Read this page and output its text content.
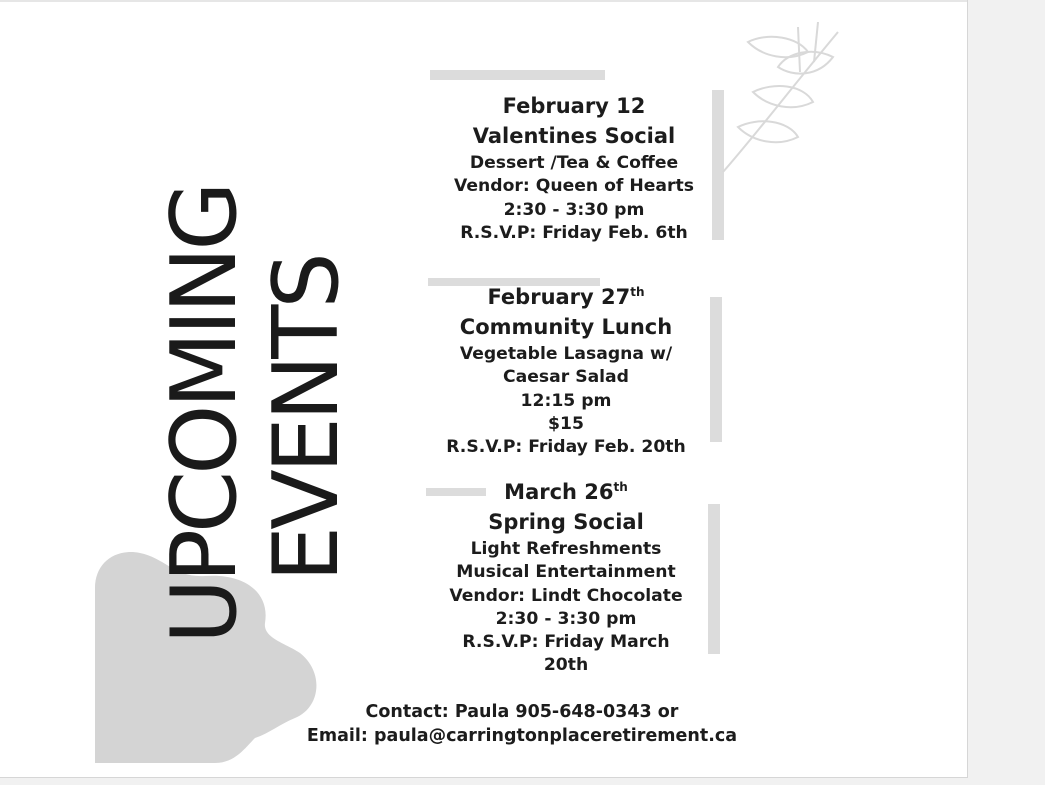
UPCOMING
EVENTS
February 12
Valentines Social
Dessert /Tea & Coffee
Vendor: Queen of Hearts
2:30 - 3:30 pm
R.S.V.P: Friday Feb. 6th
February 27th
Community Lunch
Vegetable Lasagna w/
Caesar Salad
12:15 pm
$15
R.S.V.P: Friday Feb. 20th
March 26th
Spring Social
Light Refreshments
Musical Entertainment
Vendor: Lindt Chocolate
2:30 - 3:30 pm
R.S.V.P: Friday March
20th
Contact: Paula 905-648-0343 or
Email: paula@carringtonplaceretirement.ca
